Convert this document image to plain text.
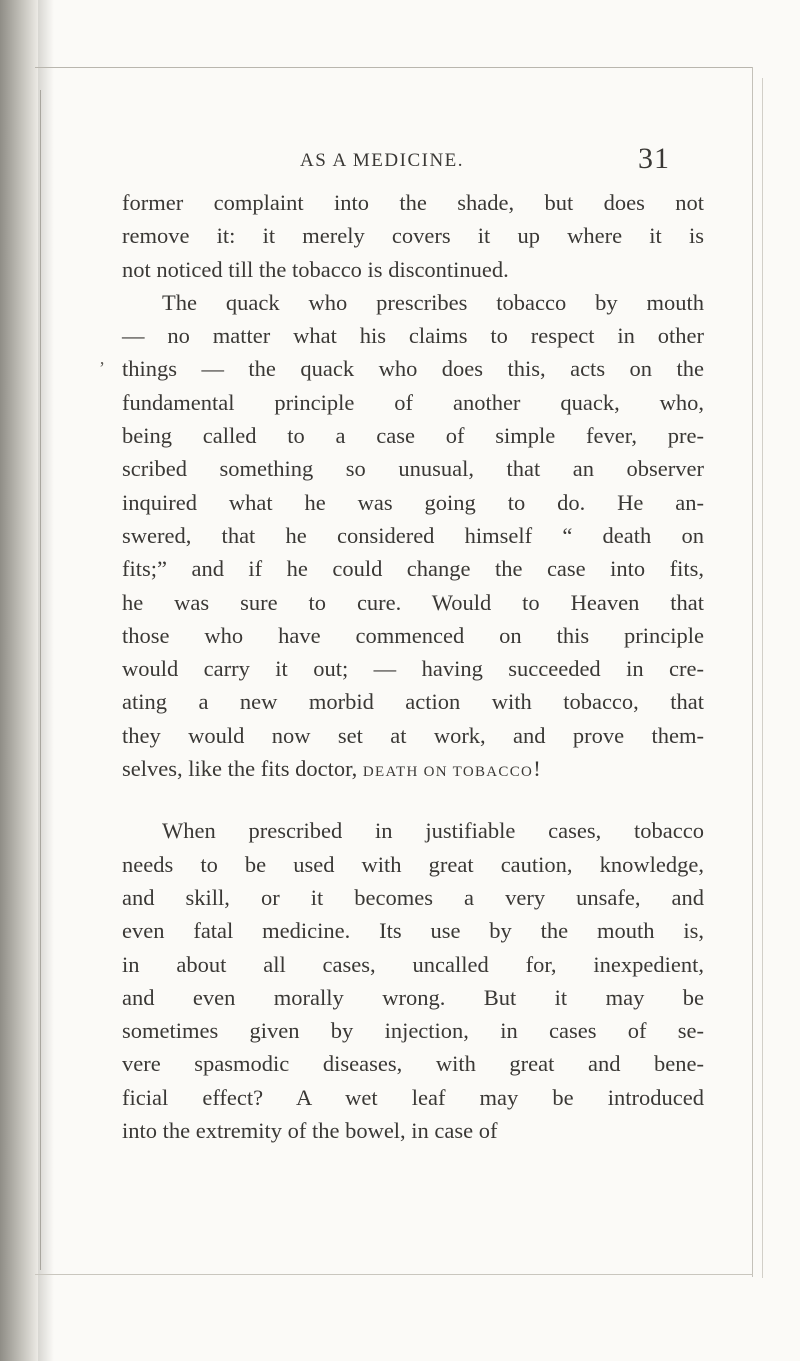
AS A MEDICINE.	31
‚
former complaint into the shade, but does not
remove it: it merely covers it up where it is
not noticed till the tobacco is discontinued.
The quack who prescribes tobacco by mouth
— no matter what his claims to respect in other
things — the quack who does this, acts on the
fundamental principle of another quack, who,
being called to a case of simple fever, pre-
scribed something so unusual, that an observer
inquired what he was going to do. He an-
swered, that he considered himself “ death on
fits;” and if he could change the case into fits,
he was sure to cure. Would to Heaven that
those who have commenced on this principle
would carry it out; — having succeeded in cre-
ating a new morbid action with tobacco, that
they would now set at work, and prove them-
selves, like the fits doctor, DEATH ON TOBACCO!
When prescribed in justifiable cases, tobacco
needs to be used with great caution, knowledge,
and skill, or it becomes a very unsafe, and
even fatal medicine. Its use by the mouth is,
in about all cases, uncalled for, inexpedient,
and even morally wrong. But it may be
sometimes given by injection, in cases of se-
vere spasmodic diseases, with great and bene-
ficial effect? A wet leaf may be introduced
into the extremity of the bowel, in case of
